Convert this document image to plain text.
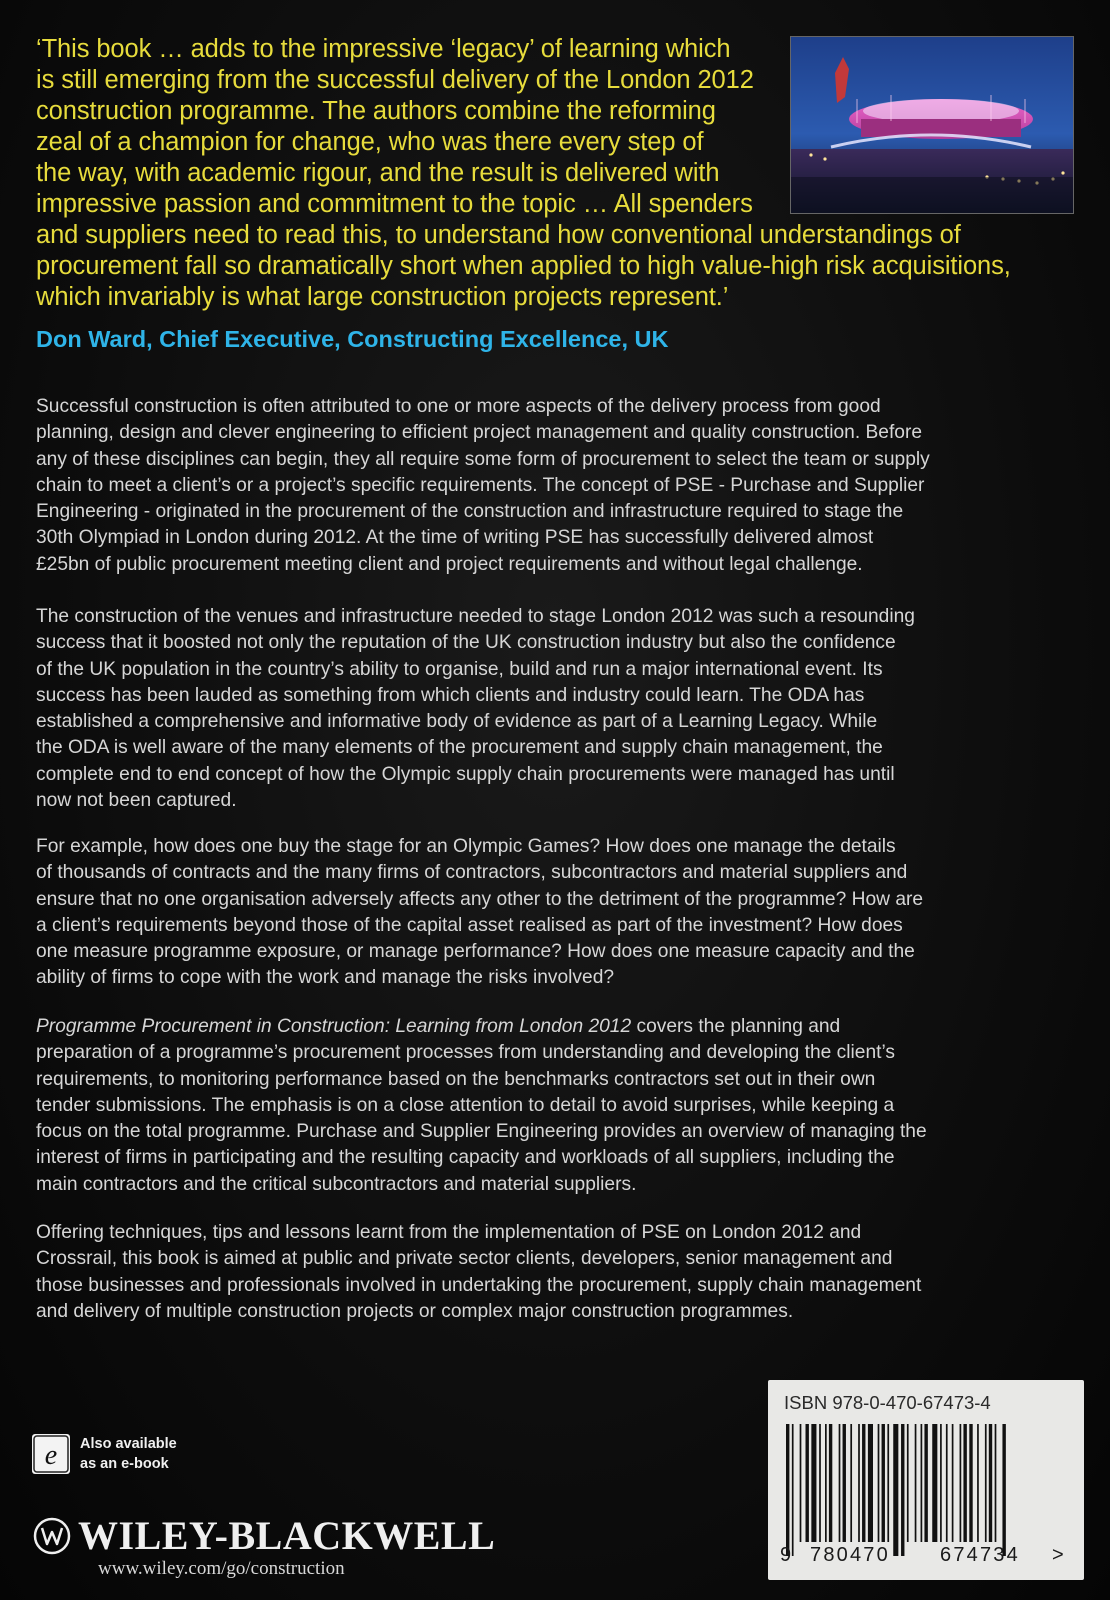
‘This book … adds to the impressive ‘legacy’ of learning which
is still emerging from the successful delivery of the London 2012
construction programme. The authors combine the reforming
zeal of a champion for change, who was there every step of
the way, with academic rigour, and the result is delivered with
impressive passion and commitment to the topic … All spenders
and suppliers need to read this, to understand how conventional understandings of
procurement fall so dramatically short when applied to high value-high risk acquisitions,
which invariably is what large construction projects represent.’
Don Ward, Chief Executive, Constructing Excellence, UK
Successful construction is often attributed to one or more aspects of the delivery process from good
planning, design and clever engineering to efficient project management and quality construction. Before
any of these disciplines can begin, they all require some form of procurement to select the team or supply
chain to meet a client’s or a project’s specific requirements. The concept of PSE - Purchase and Supplier
Engineering - originated in the procurement of the construction and infrastructure required to stage the
30th Olympiad in London during 2012. At the time of writing PSE has successfully delivered almost
£25bn of public procurement meeting client and project requirements and without legal challenge.
The construction of the venues and infrastructure needed to stage London 2012 was such a resounding
success that it boosted not only the reputation of the UK construction industry but also the confidence
of the UK population in the country’s ability to organise, build and run a major international event. Its
success has been lauded as something from which clients and industry could learn. The ODA has
established a comprehensive and informative body of evidence as part of a Learning Legacy. While
the ODA is well aware of the many elements of the procurement and supply chain management, the
complete end to end concept of how the Olympic supply chain procurements were managed has until
now not been captured.
For example, how does one buy the stage for an Olympic Games? How does one manage the details
of thousands of contracts and the many firms of contractors, subcontractors and material suppliers and
ensure that no one organisation adversely affects any other to the detriment of the programme? How are
a client’s requirements beyond those of the capital asset realised as part of the investment? How does
one measure programme exposure, or manage performance? How does one measure capacity and the
ability of firms to cope with the work and manage the risks involved?
Programme Procurement in Construction: Learning from London 2012 covers the planning and
preparation of a programme’s procurement processes from understanding and developing the client’s
requirements, to monitoring performance based on the benchmarks contractors set out in their own
tender submissions. The emphasis is on a close attention to detail to avoid surprises, while keeping a
focus on the total programme. Purchase and Supplier Engineering provides an overview of managing the
interest of firms in participating and the resulting capacity and workloads of all suppliers, including the
main contractors and the critical subcontractors and material suppliers.
Offering techniques, tips and lessons learnt from the implementation of PSE on London 2012 and
Crossrail, this book is aimed at public and private sector clients, developers, senior management and
those businesses and professionals involved in undertaking the procurement, supply chain management
and delivery of multiple construction projects or complex major construction programmes.
e Also available
as an e-book
WILEY-BLACKWELL
www.wiley.com/go/construction
ISBN 978-0-470-67473-4
9 780470	674734 >
